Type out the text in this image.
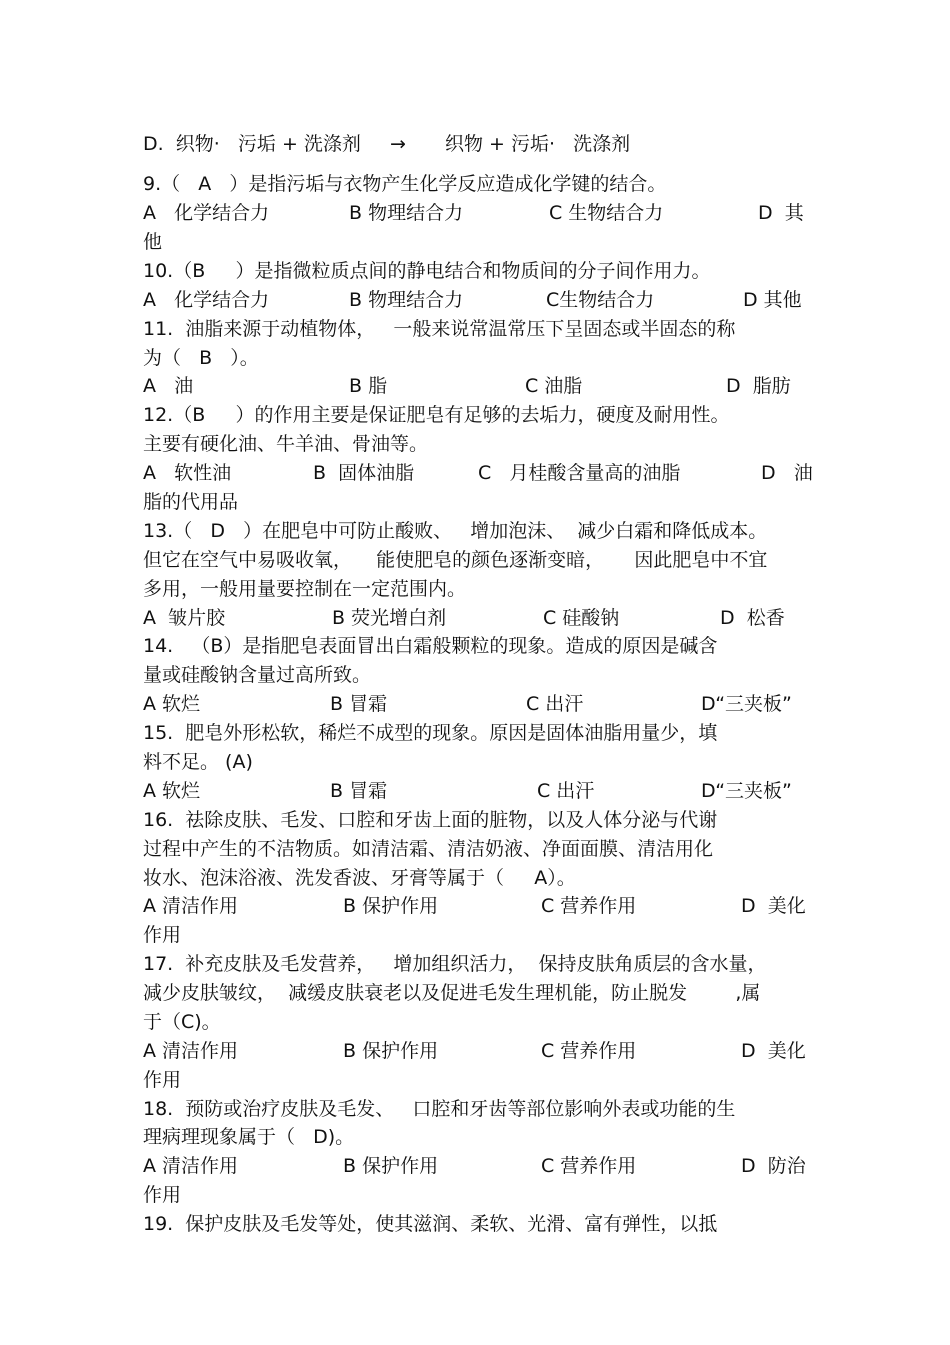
D.  织物·   污垢 + 洗涤剂 → 织物 + 污垢·   洗涤剂
9.（   A   ）是指污垢与衣物产生化学反应造成化学键的结合。
A   化学结合力	B 物理结合力	C 生物结合力	D  其
他
10.（B     ）是指微粒质点间的静电结合和物质间的分子间作用力。
A   化学结合力	B 物理结合力	C生物结合力	D 其他
11.  油脂来源于动植物体，   一般来说常温常压下呈固态或半固态的称
为（   B   ）。
A   油	B 脂	C 油脂	D  脂肪
12.（B     ）的作用主要是保证肥皂有足够的去垢力，硬度及耐用性。
主要有硬化油、牛羊油、骨油等。
A   软性油	B  固体油脂	C   月桂酸含量高的油脂	D   油
脂的代用品
13.（   D   ）在肥皂中可防止酸败、   增加泡沫、  减少白霜和降低成本。
但它在空气中易吸收氧，    能使肥皂的颜色逐渐变暗，     因此肥皂中不宜
多用，一般用量要控制在一定范围内。
A  皱片胶	B 荧光增白剂	C 硅酸钠	D  松香
14.   （B）是指肥皂表面冒出白霜般颗粒的现象。造成的原因是碱含
量或硅酸钠含量过高所致。
A 软烂	B 冒霜	C 出汗	D“三夹板”
15.  肥皂外形松软，稀烂不成型的现象。原因是固体油脂用量少，填
料不足。 (A)
A 软烂	B 冒霜	C 出汗	D“三夹板”
16.  祛除皮肤、毛发、口腔和牙齿上面的脏物，以及人体分泌与代谢
过程中产生的不洁物质。如清洁霜、清洁奶液、净面面膜、清洁用化
妆水、泡沫浴液、洗发香波、牙膏等属于（     A）。
A 清洁作用	B 保护作用	C 营养作用	D  美化
作用
17.  补充皮肤及毛发营养，   增加组织活力，  保持皮肤角质层的含水量，
减少皮肤皱纹，  减缓皮肤衰老以及促进毛发生理机能，防止脱发        ,属
于（C)。
A 清洁作用	B 保护作用	C 营养作用	D  美化
作用
18.  预防或治疗皮肤及毛发、   口腔和牙齿等部位影响外表或功能的生
理病理现象属于（   D)。
A 清洁作用	B 保护作用	C 营养作用	D  防治
作用
19.  保护皮肤及毛发等处，使其滋润、柔软、光滑、富有弹性，以抵
